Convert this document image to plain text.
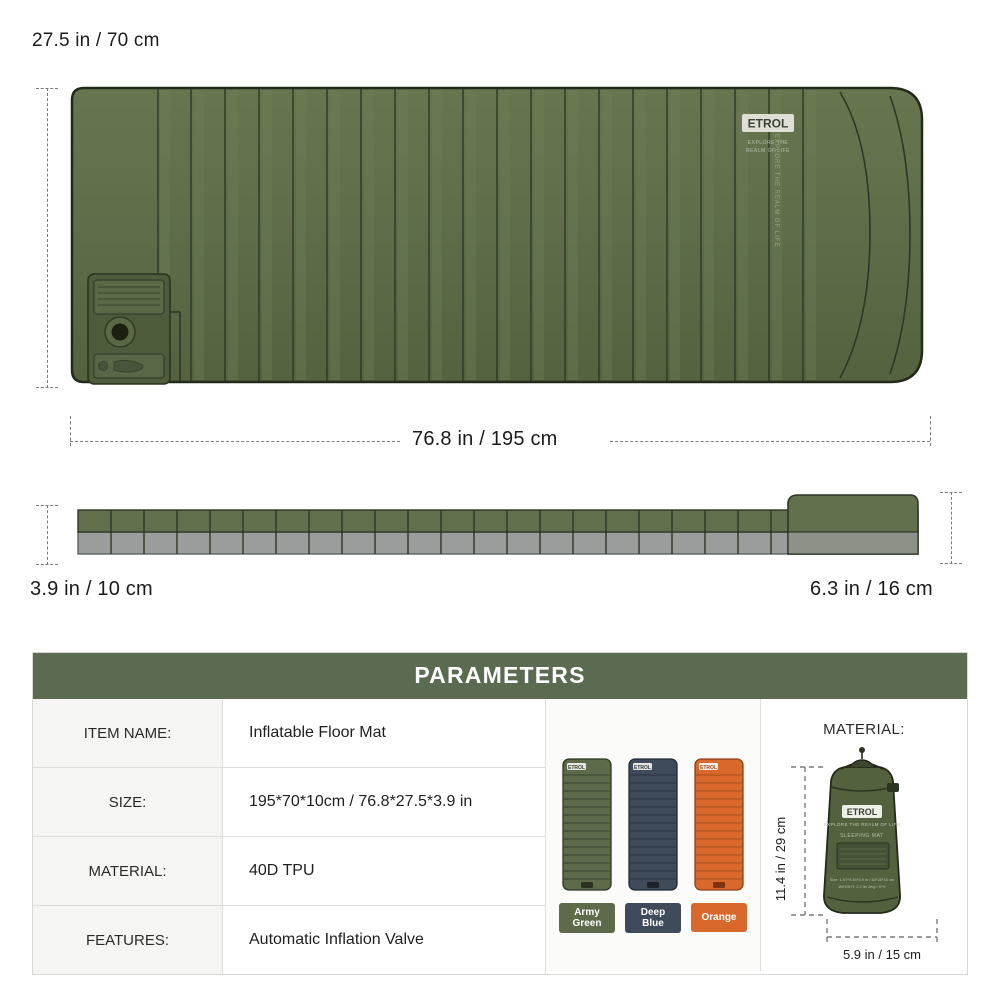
27.5 in / 70 cm
ETROL
EXPLORE THE
REALM OF LIFE
EXPLORE THE REALM OF LIFE
76.8 in / 195 cm
3.9 in / 10 cm	6.3 in / 16 cm
PARAMETERS
ITEM NAME:	Inflatable Floor Mat
SIZE:	195*70*10cm / 76.8*27.5*3.9 in
MATERIAL:	40D TPU
FEATURES:	Automatic Inflation Valve
ETROL
Army
Green
ETROL
Deep
Blue
ETROL
Orange
MATERIAL:
11.4 in / 29 cm
5.9 in / 15 cm
ETROL
EXPLORE THE REALM OF LIFE
SLEEPING MAT
Size: 1.97*9.84*5.9 in / 50*25*15 cm
WEIGHT: 2.2 lb/ 2Kg / X*X
